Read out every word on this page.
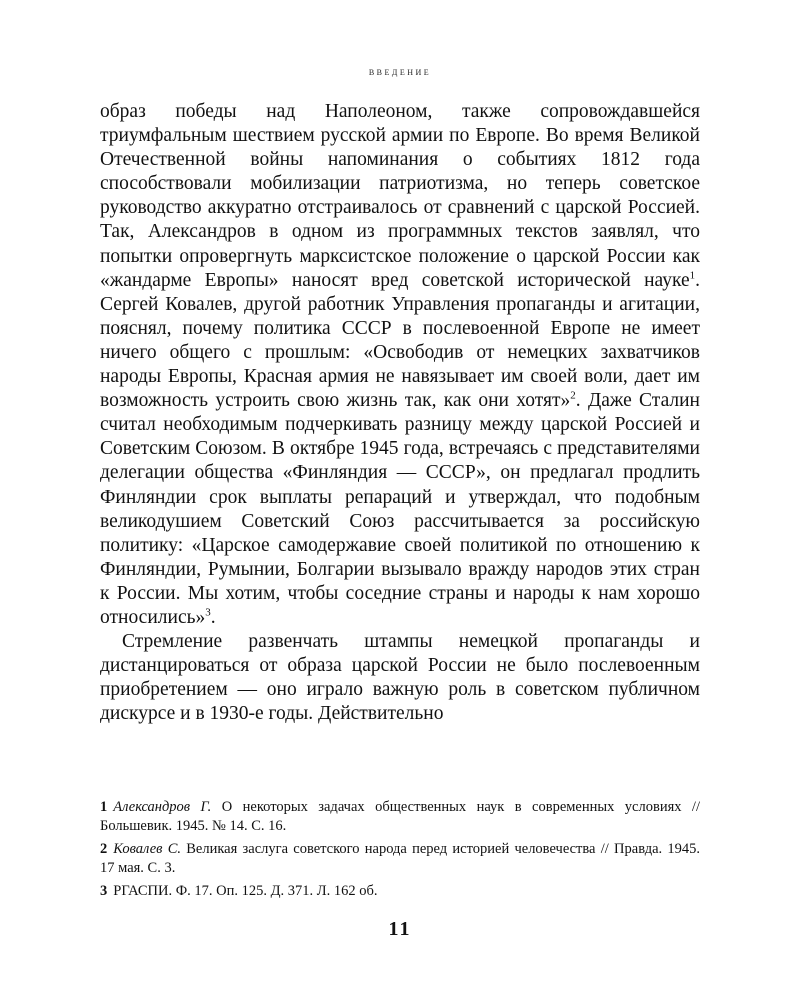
введение

образ победы над Наполеоном, также сопровождавшейся триумфальным шествием русской армии по Европе. Во время Великой Отечественной войны напоминания о событиях 1812 года способствовали мобилизации патриотизма, но теперь советское руководство аккуратно отстраивалось от сравнений с царской Россией. Так, Александров в одном из программных текстов заявлял, что попытки опровергнуть марксистское положение о царской России как «жандарме Европы» наносят вред советской исторической науке$^1$. Сергей Ковалев, другой работник Управления пропаганды и агитации, пояснял, почему политика СССР в послевоенной Европе не имеет ничего общего с прошлым: «Освободив от немецких захватчиков народы Европы, Красная армия не навязывает им своей воли, дает им возможность устроить свою жизнь так, как они хотят»$^2$. Даже Сталин считал необходимым подчеркивать разницу между царской Россией и Советским Союзом. В октябре 1945 года, встречаясь с представителями делегации общества «Финляндия — СССР», он предлагал продлить Финляндии срок выплаты репараций и утверждал, что подобным великодушием Советский Союз рассчитывается за российскую политику: «Царское самодержавие своей политикой по отношению к Финляндии, Румынии, Болгарии вызывало вражду народов этих стран к России. Мы хотим, чтобы соседние страны и народы к нам хорошо относились»$^3$.

Стремление развенчать штампы немецкой пропаганды и дистанцироваться от образа царской России не было послевоенным приобретением — оно играло важную роль в советском публичном дискурсе и в 1930-е годы. Действительно

1 Александров Г. О некоторых задачах общественных наук в современных условиях // Большевик. 1945. № 14. С. 16.

2 Ковалев С. Великая заслуга советского народа перед историей человечества // Правда. 1945. 17 мая. С. 3.

3 РГАСПИ. Ф. 17. Оп. 125. Д. 371. Л. 162 об.

11
